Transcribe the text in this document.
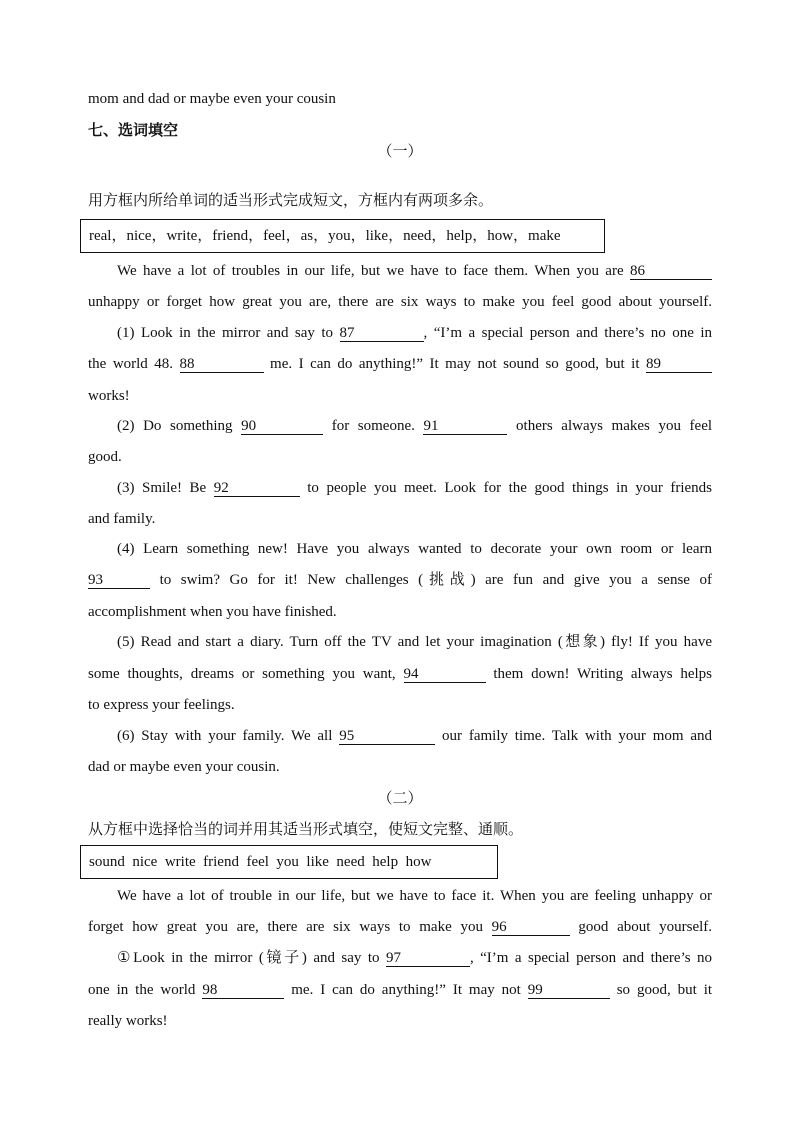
mom and dad or maybe even your cousin
七、选词填空
（一）
用方框内所给单词的适当形式完成短文，方框内有两项多余。
real，nice，write，friend，feel，as，you，like，need，help，how，make
We have a lot of troubles in our life, but we have to face them. When you are 86
unhappy or forget how great you are, there are six ways to make you feel good about yourself.
(1) Look in the mirror and say to 87	, “I’m a special person and there’s no one in
the world 48. 88	me. I can do anything!” It may not sound so good, but it 89
works!
(2) Do something 90	for someone. 91	others always makes you feel
good.
(3) Smile! Be 92	to people you meet. Look for the good things in your friends
and family.
(4) Learn something new! Have you always wanted to decorate your own room or learn
93	to swim? Go for it! New challenges (挑战) are fun and give you a sense of
accomplishment when you have finished.
(5) Read and start a diary. Turn off the TV and let your imagination (想象) fly! If you have
some thoughts, dreams or something you want, 94	them down! Writing always helps
to express your feelings.
(6) Stay with your family. We all 95	our family time. Talk with your mom and
dad or maybe even your cousin.
（二）
从方框中选择恰当的词并用其适当形式填空，使短文完整、通顺。
sound  nice  write  friend  feel  you  like  need  help  how
We have a lot of trouble in our life, but we have to face it. When you are feeling unhappy or
forget how great you are, there are six ways to make you 96	good about yourself.
①Look in the mirror (镜子) and say to 97	, “I’m a special person and there’s no
one in the world 98	me. I can do anything!” It may not 99	so good, but it
really works!
